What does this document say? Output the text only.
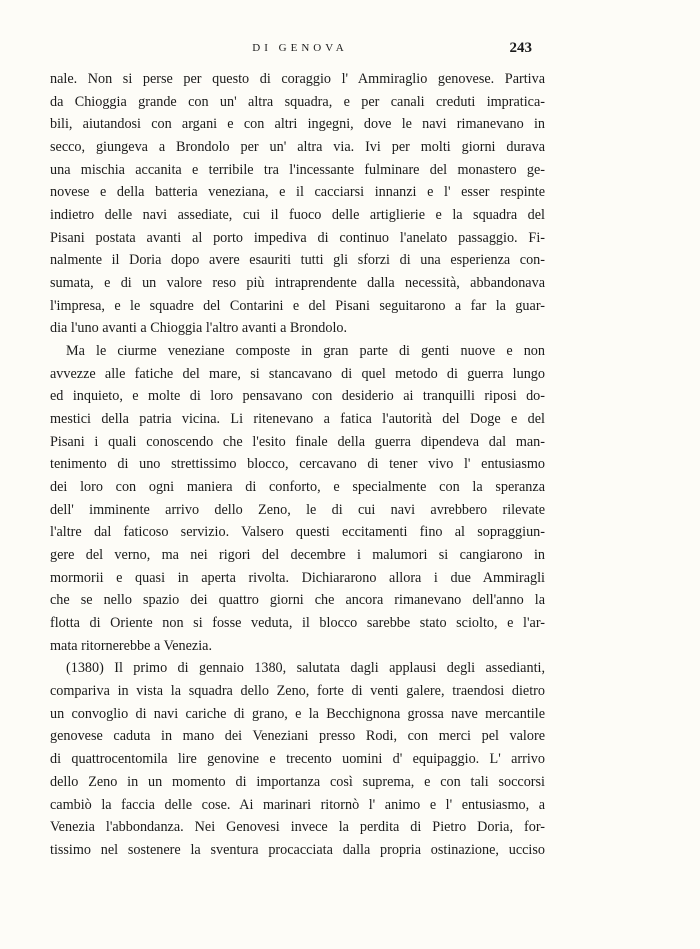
DI GENOVA	243
nale. Non si perse per questo di coraggio l' Ammiraglio genovese. Partiva
da Chioggia grande con un' altra squadra, e per canali creduti impratica-
bili, aiutandosi con argani e con altri ingegni, dove le navi rimanevano in
secco, giungeva a Brondolo per un' altra via. Ivi per molti giorni durava
una mischia accanita e terribile tra l'incessante fulminare del monastero ge-
novese e della batteria veneziana, e il cacciarsi innanzi e l' esser respinte
indietro delle navi assediate, cui il fuoco delle artiglierie e la squadra del
Pisani postata avanti al porto impediva di continuo l'anelato passaggio. Fi-
nalmente il Doria dopo avere esauriti tutti gli sforzi di una esperienza con-
sumata, e di un valore reso più intraprendente dalla necessità, abbandonava
l'impresa, e le squadre del Contarini e del Pisani seguitarono a far la guar-
dia l'uno avanti a Chioggia l'altro avanti a Brondolo.
Ma le ciurme veneziane composte in gran parte di genti nuove e non
avvezze alle fatiche del mare, si stancavano di quel metodo di guerra lungo
ed inquieto, e molte di loro pensavano con desiderio ai tranquilli riposi do-
mestici della patria vicina. Li ritenevano a fatica l'autorità del Doge e del
Pisani i quali conoscendo che l'esito finale della guerra dipendeva dal man-
tenimento di uno strettissimo blocco, cercavano di tener vivo l' entusiasmo
dei loro con ogni maniera di conforto, e specialmente con la speranza
dell' imminente arrivo dello Zeno, le di cui navi avrebbero rilevate
l'altre dal faticoso servizio. Valsero questi eccitamenti fino al sopraggiun-
gere del verno, ma nei rigori del decembre i malumori si cangiarono in
mormorii e quasi in aperta rivolta. Dichiararono allora i due Ammiragli
che se nello spazio dei quattro giorni che ancora rimanevano dell'anno la
flotta di Oriente non si fosse veduta, il blocco sarebbe stato sciolto, e l'ar-
mata ritornerebbe a Venezia.
(1380) Il primo di gennaio 1380, salutata dagli applausi degli assedianti,
compariva in vista la squadra dello Zeno, forte di venti galere, traendosi dietro
un convoglio di navi cariche di grano, e la Becchignona grossa nave mercantile
genovese caduta in mano dei Veneziani presso Rodi, con merci pel valore
di quattrocentomila lire genovine e trecento uomini d' equipaggio. L' arrivo
dello Zeno in un momento di importanza così suprema, e con tali soccorsi
cambiò la faccia delle cose. Ai marinari ritornò l' animo e l' entusiasmo, a
Venezia l'abbondanza. Nei Genovesi invece la perdita di Pietro Doria, for-
tissimo nel sostenere la sventura procacciata dalla propria ostinazione, ucciso
